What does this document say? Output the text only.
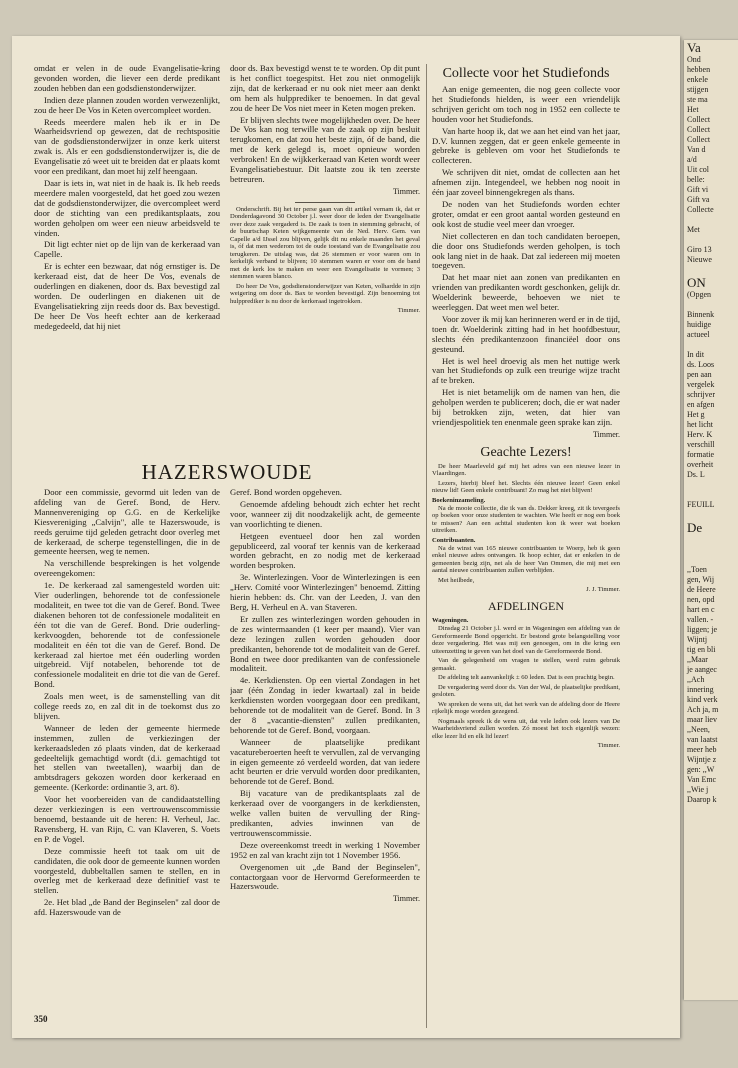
omdat er velen in de oude Evangelisatie-kring gevonden worden, die liever een derde predikant zouden hebben dan een godsdienstonderwijzer.

Indien deze plannen zouden worden verwezenlijkt, zou de heer De Vos in Keten overcompleet worden.

Reeds meerdere malen heb ik er in De Waarheidsvriend op gewezen, dat de rechtspositie van de godsdienstonderwijzer in onze kerk uiterst zwak is. Als er een godsdienstonderwijzer is, die de Evangelisatie zó weet uit te breiden dat er plaats komt voor een predikant, dan moet hij zelf heengaan.

Daar is iets in, wat niet in de haak is. Ik heb reeds meerdere malen voorgesteld, dat het goed zou wezen dat de godsdienstonderwijzer, die overcompleet werd door de stichting van een predikantsplaats, zou worden geholpen om weer een nieuw arbeidsveld te vinden.

Dit ligt echter niet op de lijn van de kerkeraad van Capelle.

Er is echter een bezwaar, dat nóg ernstiger is. De kerkeraad eist, dat de heer De Vos, evenals de ouderlingen en diakenen, door ds. Bax bevestigd zal worden. De ouderlingen en diakenen uit de Evangelisatiekring zijn reeds door ds. Bax bevestigd. De heer De Vos heeft echter aan de kerkeraad medegedeeld, dat hij niet

door ds. Bax bevestigd wenst te te worden. Op dit punt is het conflict toegespitst. Het zou niet onmogelijk zijn, dat de kerkeraad er nu ook niet meer aan denkt om hem als hulpprediker te benoemen. In dat geval zou de heer De Vos niet meer in Keten mogen preken.

Er blijven slechts twee mogelijkheden over. De heer De Vos kan nog terwille van de zaak op zijn besluit terugkomen, en dat zou het beste zijn, óf de band, die met de kerk gelegd is, moet opnieuw worden verbroken! En de wijkkerkeraad van Keten wordt weer Evangelisatiebestuur. Dit laatste zou ik ten zeerste betreuren.

Timmer.

Onderschrift. Bij het ter perse gaan van dit artikel vernam ik, dat er Donderdagavond 30 October j.l. weer door de leden der Evangelisatie over deze zaak vergaderd is. De zaak is toen in stemming gebracht, of de buurtschap Keten wijkgemeente van de Ned. Herv. Gem. van Capelle a/d IJssel zou blijven, gelijk dit nu enkele maanden het geval is, óf dat men wederom tot de oude toestand van de Evangelisatie zou terugkeren. De uitslag was, dat 26 stemmen er voor waren om in kerkelijk verband te blijven; 10 stemmen waren er voor om de band met de kerk los te maken en weer een Evangelisatie te vormen; 3 stemmen waren blanco.

Do heer De Vos, godsdienstonderwijzer van Keten, volhardde in zijn weigering om door ds. Bax te worden bevestigd. Zijn benoeming tot hulpprediker is nu door de kerkeraad ingetrokken.

Timmer.
HAZERSWOUDE

Door een commissie, gevormd uit leden van de afdeling van de Geref. Bond, de Herv. Mannenvereniging op G.G. en de Kerkelijke Kiesvereniging „Calvijn", alle te Hazerswoude, is reeds geruime tijd geleden getracht door overleg met de kerkeraad, de scherpe tegenstellingen, die in de gemeente heersen, weg te nemen.

Na verschillende besprekingen is het volgende overeengekomen:

1e. De kerkeraad zal samengesteld worden uit: Vier ouderlingen, behorende tot de confessionele modaliteit, en twee tot die van de Geref. Bond. Twee diakenen behoren tot de confessionele modaliteit en één tot die van de Geref. Bond. Drie ouderling-kerkvoogden, behorende tot de confessionele modaliteit en één tot die van de Geref. Bond. De kerkeraad zal hiertoe met één ouderling worden uitgebreid. Vijf notabelen, behorende tot de confessionele modaliteit en drie tot die van de Geref. Bond.

Zoals men weet, is de samenstelling van dit college reeds zo, en zal dit in de toekomst dus zo blijven.

Wanneer de leden der gemeente hiermede instemmen, zullen de verkiezingen der kerkeraadsleden zó plaats vinden, dat de kerkeraad gedeeltelijk gemachtigd wordt (d.i. gemachtigd tot het stellen van tweetallen), waarbij dan de ambtsdragers gekozen worden door kerkeraad en gemeente. (Kerkorde: ordinantie 3, art. 8).

Voor het voorbereiden van de candidaatstelling dezer verkiezingen is een vertrouwenscommissie benoemd, bestaande uit de heren: H. Verheul, Jac. Ravensberg, H. van Rijn, C. van Klaveren, S. Voets en P. de Vogel.

Deze commissie heeft tot taak om uit de candidaten, die ook door de gemeente kunnen worden voorgesteld, dubbeltallen samen te stellen, en in overleg met de kerkeraad deze definitief vast te stellen.

2e. Het blad „de Band der Beginselen" zal door de afd. Hazerswoude van de

Geref. Bond worden opgeheven.

Genoemde afdeling behoudt zich echter het recht voor, wanneer zij dit noodzakelijk acht, de gemeente van voorlichting te dienen.

Hetgeen eventueel door hen zal worden gepubliceerd, zal vooraf ter kennis van de kerkeraad worden gebracht, en zo nodig met de kerkeraad worden besproken.

3e. Winterlezingen. Voor de Winterlezingen is een „Herv. Comité voor Winterlezingen" benoemd. Zitting hierin hebben: ds. Chr. van der Leeden, J. van den Berg, H. Verheul en A. van Staveren.

Er zullen zes winterlezingen worden gehouden in de zes wintermaanden (1 keer per maand). Vier van deze lezingen zullen worden gehouden door predikanten, behorende tot de modaliteit van de Geref. Bond en twee door predikanten van de confessionele modaliteit.

4e. Kerkdiensten. Op een viertal Zondagen in het jaar (één Zondag in ieder kwartaal) zal in beide kerkdiensten worden voorgegaan door een predikant, behorende tot de modaliteit van de Geref. Bond. In 3 der 8 „vacantie-diensten" zullen predikanten, behorende tot de Geref. Bond, voorgaan.

Wanneer de plaatselijke predikant vacatureberoerten heeft te vervullen, zal de vervanging in eigen gemeente zó verdeeld worden, dat van iedere acht beurten er drie vervuld worden door predikanten, behorende tot de Geref. Bond.

Bij vacature van de predikantsplaats zal de kerkeraad over de voorgangers in de kerkdiensten, welke vallen buiten de vervulling der Ring-predikanten, advies inwinnen van de vertrouwenscommissie.

Deze overeenkomst treedt in werking 1 November 1952 en zal van kracht zijn tot 1 November 1956.

Overgenomen uit „de Band der Beginselen", contactorgaan voor de Hervormd Gereformeerden te Hazerswoude.

Timmer.
Collecte voor het Studiefonds

Aan enige gemeenten, die nog geen collecte voor het Studiefonds hielden, is weer een vriendelijk schrijven gericht om toch nog in 1952 een collecte te houden voor het Studiefonds.

Van harte hoop ik, dat we aan het eind van het jaar, D.V. kunnen zeggen, dat er geen enkele gemeente in gebreke is gebleven om voor het Studiefonds te collecteren.

We schrijven dit niet, omdat de collecten aan het afnemen zijn. Integendeel, we hebben nog nooit in één jaar zoveel binnengekregen als thans.

De noden van het Studiefonds worden echter groter, omdat er een groot aantal worden gesteund en ook kost de studie veel meer dan vroeger.

Niet collecteren en dan toch candidaten beroepen, die door ons Studiefonds werden geholpen, is toch ook lang niet in de haak. Dat zal iedereen mij moeten toegeven.

Dat het maar niet aan zonen van predikanten en vrienden van predikanten wordt geschonken, gelijk dr. Woelderink beweerde, behoeven we niet te weerleggen. Dat weet men wel beter.

Voor zover ik mij kan herinneren werd er in de tijd, toen dr. Woelderink zitting had in het hoofdbestuur, slechts één predikantenzoon financiëel door ons gesteund.

Het is wel heel droevig als men het nuttige werk van het Studiefonds op zulk een treurige wijze tracht af te breken.

Het is niet betamelijk om de namen van hen, die geholpen werden te publiceren; doch, die er wat nader bij betrokken zijn, weten, dat hier van vriendjespolitiek ten enenmale geen sprake kan zijn.

Timmer.
Geachte Lezers!

De heer Maarleveld gaf mij het adres van een nieuwe lezer in Vlaardingen.

Lezers, hierbij bleef het. Slechts één nieuwe lezer! Geen enkel nieuw lid! Geen enkele contribuant! Zo mag het niet blijven!

Boekeninzameling.

Na de mooie collectie, die ik van ds. Dekker kreeg, zit ik tevergeefs op boeken voor onze studenten te wachten. Wie heeft er nog een boek te missen? Aan een achttal studenten kon ik weer wat boeken uitreiken.

Contribuanten.

Na de winst van 165 nieuwe contribuanten te Woerp, heb ik geen enkel nieuwe adres ontvangen. Ik hoop echter, dat er enkelen in de gemeenten bezig zijn, net als de heer Van Ommen, die mij met een aantal nieuwe contribuanten zullen verblijden.

Met heilbede,

J. J. Timmer.
AFDELINGEN
Wageningen.

Dinsdag 21 October j.l. werd er in Wageningen een afdeling van de Gereformeerde Bond opgericht. Er bestond grote belangstelling voor deze vergadering. Het was mij een genoegen, om in die kring een uiteenzetting te geven van het doel van de Gereformeerde Bond.

Van de gelegenheid om vragen te stellen, werd ruim gebruik gemaakt.

De afdeling telt aanvankelijk ± 60 leden. Dat is een prachtig begin.

De vergadering werd door ds. Van der Wal, de plaatselijke predikant, gesloten.

We spreken de wens uit, dat het werk van de afdeling door de Heere rijkelijk moge worden gezegend.

Nogmaals spreek ik de wens uit, dat vele leden ook lezers van De Waarheidsvriend zullen worden. Zó moest het toch eigenlijk wezen: elke lezer lid en elk lid lezer!

Timmer.
350
Va
Ond
hebben
enkele
stijgen
ste ma
Het
Collect
Collect
Collect
Van d
a/d
Uit col
belle:
Gift vi
Gift va
Collecte

Met

Giro 13
Nieuwe

ON
(Opgen

Binnenk
huidige
actueel

In dit
ds. Loos
pen aan
vergelek
schrijver
en afgen
Het g
het licht
Herv. K
verschill
formatie
overheit
Ds. L

FEUILL

De

,,Toen
gen, Wij
de Heere
nen, opd
hart en c
vallen. -
liggen; je
Wijntj
tig en bli
,,Maar
je aangec
,,Ach
innering
kind verk
Ach ja, m
maar liev
,,Neen,
van laatst
meer heb
Wijntje z
gen: ,,W
Van Emc
,,Wie j
Daarop k
